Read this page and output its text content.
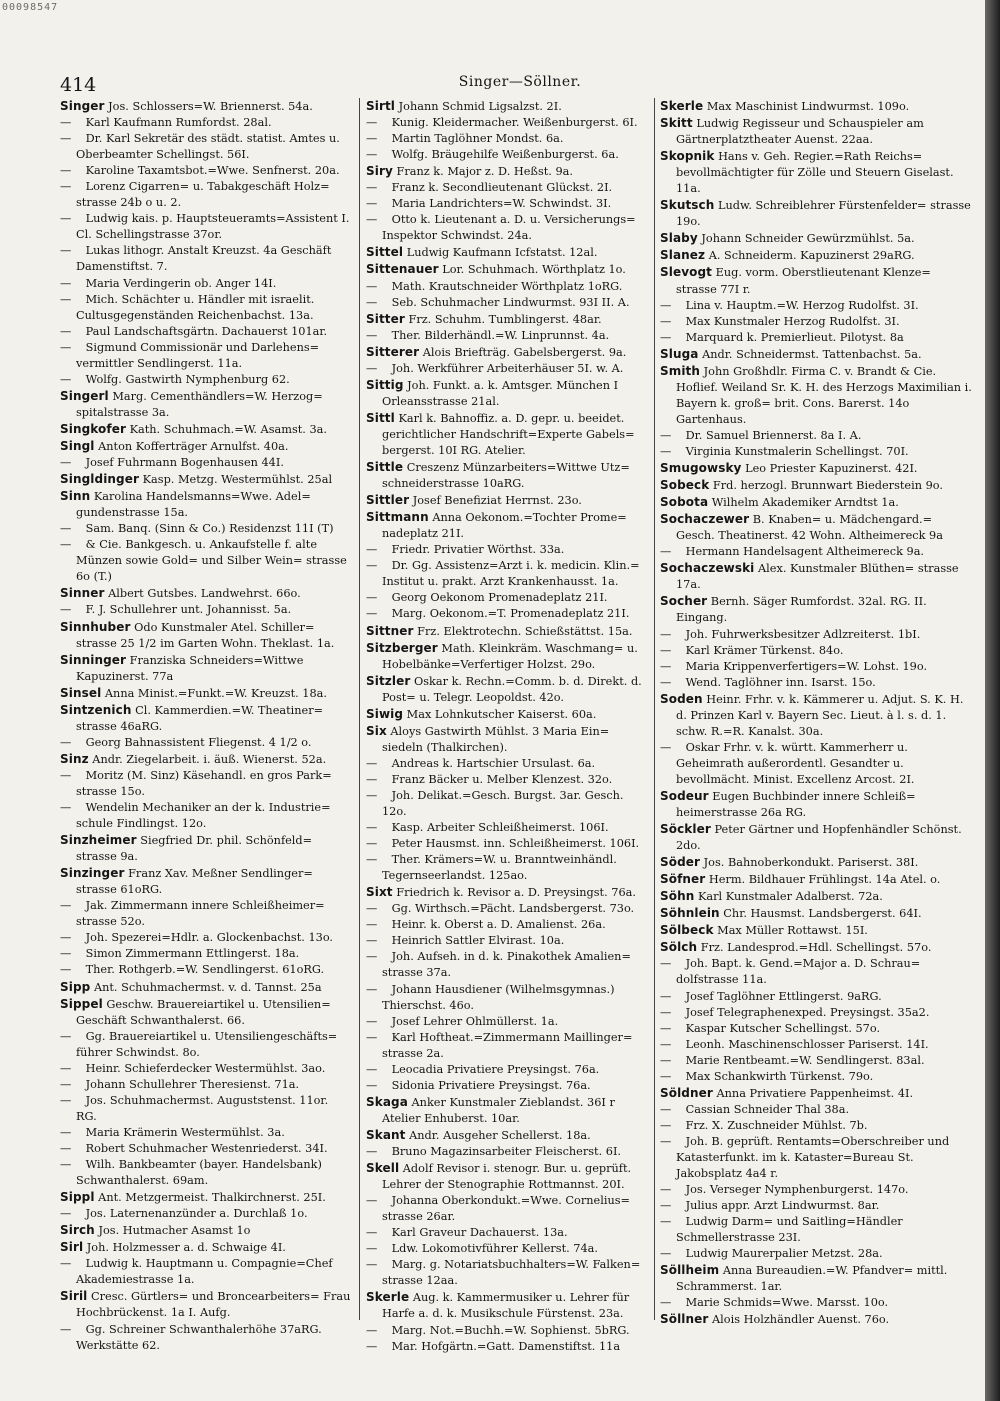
00098547
414	Singer—Söllner.
Singer Jos. Schlossers=W. Briennerst. 54a.
— Karl Kaufmann Rumfordst. 28al.
— Dr. Karl Sekretär des städt. statist. Amtes u. Oberbeamter Schellingst. 56I.
— Karoline Taxamtsbot.=Wwe. Senfnerst. 20a.
— Lorenz Cigarren= u. Tabakgeschäft Holz= strasse 24b o u. 2.
— Ludwig kais. p. Hauptsteueramts=Assistent I. Cl. Schellingstrasse 37or.
— Lukas lithogr. Anstalt Kreuzst. 4a Geschäft Damenstiftst. 7.
— Maria Verdingerin ob. Anger 14I.
— Mich. Schächter u. Händler mit israelit. Cultusgegenständen Reichenbachst. 13a.
— Paul Landschaftsgärtn. Dachauerst 101ar.
— Sigmund Commissionär und Darlehens= vermittler Sendlingerst. 11a.
— Wolfg. Gastwirth Nymphenburg 62.
Singerl Marg. Cementhändlers=W. Herzog= spitalstrasse 3a.
Singkofer Kath. Schuhmach.=W. Asamst. 3a.
Singl Anton Kofferträger Arnulfst. 40a.
— Josef Fuhrmann Bogenhausen 44I.
Singldinger Kasp. Metzg. Westermühlst. 25al
Sinn Karolina Handelsmanns=Wwe. Adel= gundenstrasse 15a.
— Sam. Banq. (Sinn & Co.) Residenzst 11I (T)
— & Cie. Bankgesch. u. Ankaufstelle f. alte Münzen sowie Gold= und Silber Wein= strasse 6o (T.)
Sinner Albert Gutsbes. Landwehrst. 66o.
— F. J. Schullehrer unt. Johannisst. 5a.
Sinnhuber Odo Kunstmaler Atel. Schiller= strasse 25 1/2 im Garten Wohn. Theklast. 1a.
Sinninger Franziska Schneiders=Wittwe Kapuzinerst. 77a
Sinsel Anna Minist.=Funkt.=W. Kreuzst. 18a.
Sintzenich Cl. Kammerdien.=W. Theatiner= strasse 46aRG.
— Georg Bahnassistent Fliegenst. 4 1/2 o.
Sinz Andr. Ziegelarbeit. i. äuß. Wienerst. 52a.
— Moritz (M. Sinz) Käsehandl. en gros Park= strasse 15o.
— Wendelin Mechaniker an der k. Industrie= schule Findlingst. 12o.
Sinzheimer Siegfried Dr. phil. Schönfeld= strasse 9a.
Sinzinger Franz Xav. Meßner Sendlinger= strasse 61oRG.
— Jak. Zimmermann innere Schleißheimer= strasse 52o.
— Joh. Spezerei=Hdlr. a. Glockenbachst. 13o.
— Simon Zimmermann Ettlingerst. 18a.
— Ther. Rothgerb.=W. Sendlingerst. 61oRG.
Sipp Ant. Schuhmachermst. v. d. Tannst. 25a
Sippel Geschw. Brauereiartikel u. Utensilien= Geschäft Schwanthalerst. 66.
— Gg. Brauereiartikel u. Utensiliengeschäfts= führer Schwindst. 8o.
— Heinr. Schieferdecker Westermühlst. 3ao.
— Johann Schullehrer Theresienst. 71a.
— Jos. Schuhmachermst. Auguststenst. 11or. RG.
— Maria Krämerin Westermühlst. 3a.
— Robert Schuhmacher Westenriederst. 34I.
— Wilh. Bankbeamter (bayer. Handelsbank) Schwanthalerst. 69am.
Sippl Ant. Metzgermeist. Thalkirchnerst. 25I.
— Jos. Laternenanzünder a. Durchlaß 1o.
Sirch Jos. Hutmacher Asamst 1o
Sirl Joh. Holzmesser a. d. Schwaige 4I.
— Ludwig k. Hauptmann u. Compagnie=Chef Akademiestrasse 1a.
Siril Cresc. Gürtlers= und Broncearbeiters= Frau Hochbrückenst. 1a I. Aufg.
— Gg. Schreiner Schwanthalerhöhe 37aRG. Werkstätte 62.
Sirtl Johann Schmid Ligsalzst. 2I.
— Kunig. Kleidermacher. Weißenburgerst. 6I.
— Martin Taglöhner Mondst. 6a.
— Wolfg. Bräugehilfe Weißenburgerst. 6a.
Siry Franz k. Major z. D. Heßst. 9a.
— Franz k. Secondlieutenant Glückst. 2I.
— Maria Landrichters=W. Schwindst. 3I.
— Otto k. Lieutenant a. D. u. Versicherungs= Inspektor Schwindst. 24a.
Sittel Ludwig Kaufmann Icfstatst. 12al.
Sittenauer Lor. Schuhmach. Wörthplatz 1o.
— Math. Krautschneider Wörthplatz 1oRG.
— Seb. Schuhmacher Lindwurmst. 93I II. A.
Sitter Frz. Schuhm. Tumblingerst. 48ar.
— Ther. Bilderhändl.=W. Linprunnst. 4a.
Sitterer Alois Briefträg. Gabelsbergerst. 9a.
— Joh. Werkführer Arbeiterhäuser 5I. w. A.
Sittig Joh. Funkt. a. k. Amtsger. München I Orleansstrasse 21al.
Sittl Karl k. Bahnoffiz. a. D. gepr. u. beeidet. gerichtlicher Handschrift=Experte Gabels= bergerst. 10I RG. Atelier.
Sittle Creszenz Münzarbeiters=Wittwe Utz= schneiderstrasse 10aRG.
Sittler Josef Benefiziat Herrnst. 23o.
Sittmann Anna Oekonom.=Tochter Prome= nadeplatz 21I.
— Friedr. Privatier Wörthst. 33a.
— Dr. Gg. Assistenz=Arzt i. k. medicin. Klin.= Institut u. prakt. Arzt Krankenhausst. 1a.
— Georg Oekonom Promenadeplatz 21I.
— Marg. Oekonom.=T. Promenadeplatz 21I.
Sittner Frz. Elektrotechn. Schießstättst. 15a.
Sitzberger Math. Kleinkräm. Waschmang= u. Hobelbänke=Verfertiger Holzst. 29o.
Sitzler Oskar k. Rechn.=Comm. b. d. Direkt. d. Post= u. Telegr. Leopoldst. 42o.
Siwig Max Lohnkutscher Kaiserst. 60a.
Six Aloys Gastwirth Mühlst. 3 Maria Ein= siedeln (Thalkirchen).
— Andreas k. Hartschier Ursulast. 6a.
— Franz Bäcker u. Melber Klenzest. 32o.
— Joh. Delikat.=Gesch. Burgst. 3ar. Gesch. 12o.
— Kasp. Arbeiter Schleißheimerst. 106I.
— Peter Hausmst. inn. Schleißheimerst. 106I.
— Ther. Krämers=W. u. Branntweinhändl. Tegernseerlandst. 125ao.
Sixt Friedrich k. Revisor a. D. Preysingst. 76a.
— Gg. Wirthsch.=Pächt. Landsbergerst. 73o.
— Heinr. k. Oberst a. D. Amalienst. 26a.
— Heinrich Sattler Elvirast. 10a.
— Joh. Aufseh. in d. k. Pinakothek Amalien= strasse 37a.
— Johann Hausdiener (Wilhelmsgymnas.) Thierschst. 46o.
— Josef Lehrer Ohlmüllerst. 1a.
— Karl Hoftheat.=Zimmermann Maillinger= strasse 2a.
— Leocadia Privatiere Preysingst. 76a.
— Sidonia Privatiere Preysingst. 76a.
Skaga Anker Kunstmaler Zieblandst. 36I r Atelier Enhuberst. 10ar.
Skant Andr. Ausgeher Schellerst. 18a.
— Bruno Magazinsarbeiter Fleischerst. 6I.
Skell Adolf Revisor i. stenogr. Bur. u. geprüft. Lehrer der Stenographie Rottmannst. 20I.
— Johanna Oberkondukt.=Wwe. Cornelius= strasse 26ar.
— Karl Graveur Dachauerst. 13a.
— Ldw. Lokomotivführer Kellerst. 74a.
— Marg. g. Notariatsbuchhalters=W. Falken= strasse 12aa.
Skerle Aug. k. Kammermusiker u. Lehrer für Harfe a. d. k. Musikschule Fürstenst. 23a.
— Marg. Not.=Buchh.=W. Sophienst. 5bRG.
— Mar. Hofgärtn.=Gatt. Damenstiftst. 11a
Skerle Max Maschinist Lindwurmst. 109o.
Skitt Ludwig Regisseur und Schauspieler am Gärtnerplatztheater Auenst. 22aa.
Skopnik Hans v. Geh. Regier.=Rath Reichs= bevollmächtigter für Zölle und Steuern Giselast. 11a.
Skutsch Ludw. Schreiblehrer Fürstenfelder= strasse 19o.
Slaby Johann Schneider Gewürzmühlst. 5a.
Slanez A. Schneiderm. Kapuzinerst 29aRG.
Slevogt Eug. vorm. Oberstlieutenant Klenze= strasse 77I r.
— Lina v. Hauptm.=W. Herzog Rudolfst. 3I.
— Max Kunstmaler Herzog Rudolfst. 3I.
— Marquard k. Premierlieut. Pilotyst. 8a
Sluga Andr. Schneidermst. Tattenbachst. 5a.
Smith John Großhdlr. Firma C. v. Brandt & Cie. Hoflief. Weiland Sr. K. H. des Herzogs Maximilian i. Bayern k. groß= brit. Cons. Barerst. 14o Gartenhaus.
— Dr. Samuel Briennerst. 8a I. A.
— Virginia Kunstmalerin Schellingst. 70I.
Smugowsky Leo Priester Kapuzinerst. 42I.
Sobeck Frd. herzogl. Brunnwart Biederstein 9o.
Sobota Wilhelm Akademiker Arndtst 1a.
Sochaczewer B. Knaben= u. Mädchengard.= Gesch. Theatinerst. 42 Wohn. Altheimereck 9a
— Hermann Handelsagent Altheimereck 9a.
Sochaczewski Alex. Kunstmaler Blüthen= strasse 17a.
Socher Bernh. Säger Rumfordst. 32al. RG. II. Eingang.
— Joh. Fuhrwerksbesitzer Adlzreiterst. 1bI.
— Karl Krämer Türkenst. 84o.
— Maria Krippenverfertigers=W. Lohst. 19o.
— Wend. Taglöhner inn. Isarst. 15o.
Soden Heinr. Frhr. v. k. Kämmerer u. Adjut. S. K. H. d. Prinzen Karl v. Bayern Sec. Lieut. à l. s. d. 1. schw. R.=R. Kanalst. 30a.
— Oskar Frhr. v. k. württ. Kammerherr u. Geheimrath außerordentl. Gesandter u. bevollmächt. Minist. Excellenz Arcost. 2I.
Sodeur Eugen Buchbinder innere Schleiß= heimerstrasse 26a RG.
Söckler Peter Gärtner und Hopfenhändler Schönst. 2do.
Söder Jos. Bahnoberkondukt. Pariserst. 38I.
Söfner Herm. Bildhauer Frühlingst. 14a Atel. o.
Söhn Karl Kunstmaler Adalberst. 72a.
Söhnlein Chr. Hausmst. Landsbergerst. 64I.
Sölbeck Max Müller Rottawst. 15I.
Sölch Frz. Landesprod.=Hdl. Schellingst. 57o.
— Joh. Bapt. k. Gend.=Major a. D. Schrau= dolfstrasse 11a.
— Josef Taglöhner Ettlingerst. 9aRG.
— Josef Telegraphenexped. Preysingst. 35a2.
— Kaspar Kutscher Schellingst. 57o.
— Leonh. Maschinenschlosser Pariserst. 14I.
— Marie Rentbeamt.=W. Sendlingerst. 83al.
— Max Schankwirth Türkenst. 79o.
Söldner Anna Privatiere Pappenheimst. 4I.
— Cassian Schneider Thal 38a.
— Frz. X. Zuschneider Mühlst. 7b.
— Joh. B. geprüft. Rentamts=Oberschreiber und Katasterfunkt. im k. Kataster=Bureau St. Jakobsplatz 4a4 r.
— Jos. Verseger Nymphenburgerst. 147o.
— Julius appr. Arzt Lindwurmst. 8ar.
— Ludwig Darm= und Saitling=Händler Schmellerstrasse 23I.
— Ludwig Maurerpalier Metzst. 28a.
Söllheim Anna Bureaudien.=W. Pfandver= mittl. Schrammerst. 1ar.
— Marie Schmids=Wwe. Marsst. 10o.
Söllner Alois Holzhändler Auenst. 76o.
